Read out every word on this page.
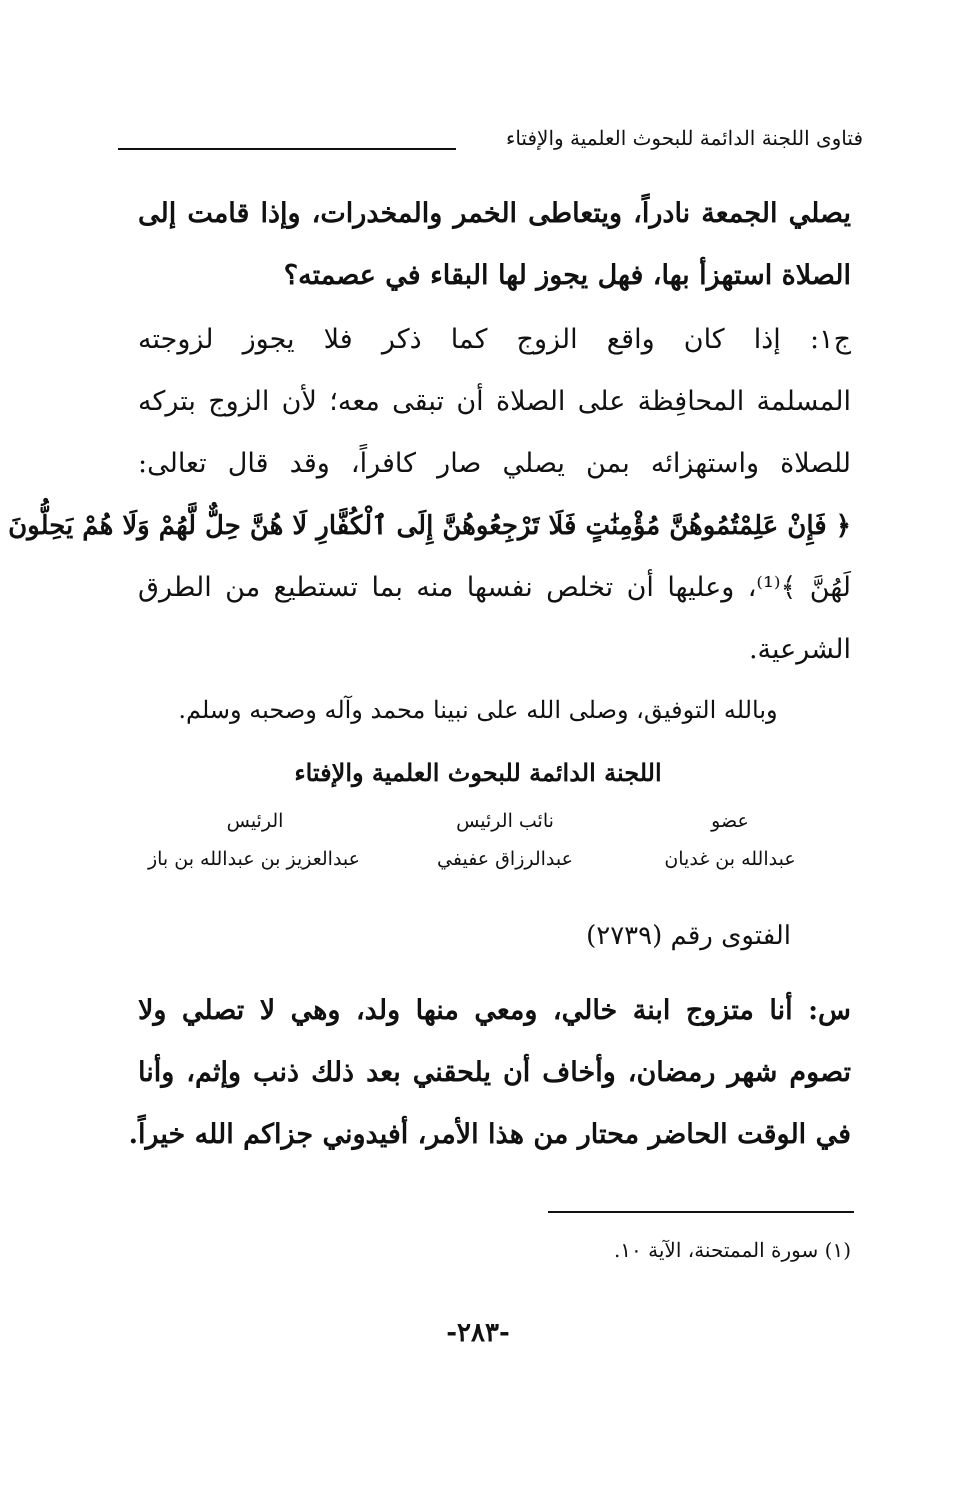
فتاوى اللجنة الدائمة للبحوث العلمية والإفتاء
يصلي الجمعة نادراً، ويتعاطى الخمر والمخدرات، وإذا قامت إلى
الصلاة استهزأ بها، فهل يجوز لها البقاء في عصمته؟
ج١: إذا كان واقع الزوج كما ذكر فلا يجوز لزوجته
المسلمة المحافِظة على الصلاة أن تبقى معه؛ لأن الزوج بتركه
للصلاة واستهزائه بمن يصلي صار كافراً، وقد قال تعالى:
﴿ فَإِنْ عَلِمْتُمُوهُنَّ مُؤْمِنَٰتٍ فَلَا تَرْجِعُوهُنَّ إِلَى ٱلْكُفَّارِ لَا هُنَّ حِلٌّ لَّهُمْ وَلَا هُمْ يَحِلُّونَ
لَهُنَّ ﴾⁽¹⁾، وعليها أن تخلص نفسها منه بما تستطيع من الطرق
الشرعية.
وبالله التوفيق، وصلى الله على نبينا محمد وآله وصحبه وسلم.
اللجنة الدائمة للبحوث العلمية والإفتاء
عضو
عبدالله بن غديان
نائب الرئيس
عبدالرزاق عفيفي
الرئيس
عبدالعزيز بن عبدالله بن باز
الفتوى رقم (٢٧٣٩)
س: أنا متزوج ابنة خالي، ومعي منها ولد، وهي لا تصلي ولا
تصوم شهر رمضان، وأخاف أن يلحقني بعد ذلك ذنب وإثم، وأنا
في الوقت الحاضر محتار من هذا الأمر، أفيدوني جزاكم الله خيراً.
(١) سورة الممتحنة، الآية ١٠.
-٢٨٣-
